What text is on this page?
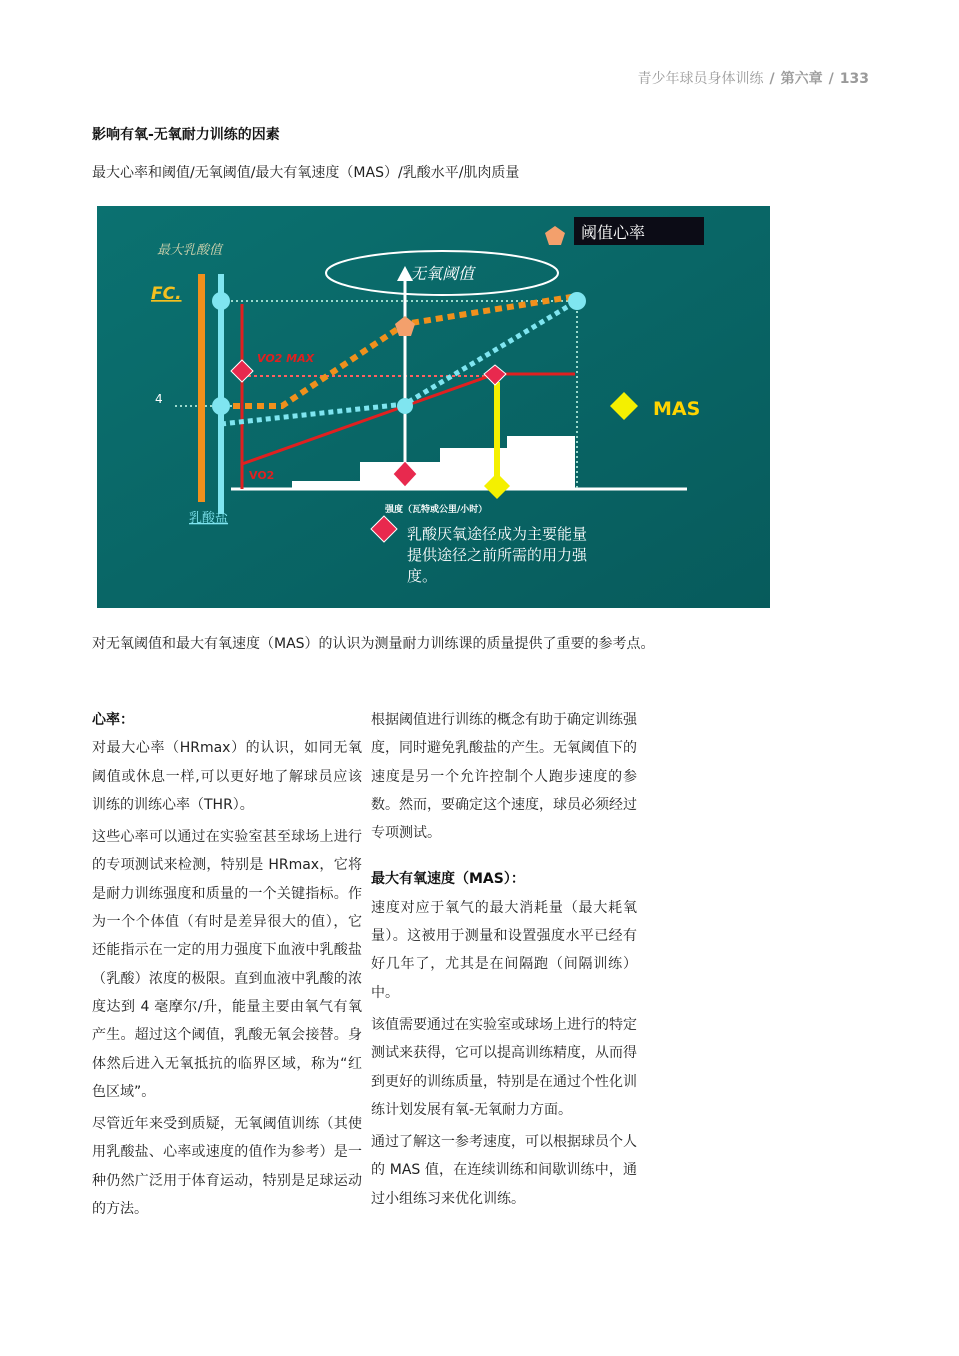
青少年球员身体训练 / 第六章 / 133
影响有氧-无氧耐力训练的因素
最大心率和阈值/无氧阈值/最大有氧速度（MAS）/乳酸水平/肌肉质量
无氧阈值
最大乳酸值
FC.
4
VO2 MAX
VO2
乳酸盐
强度（瓦特或公里/小时）
阈值心率
MAS
乳酸厌氧途径成为主要能量
提供途径之前所需的用力强
度。
对无氧阈值和最大有氧速度（MAS）的认识为测量耐力训练课的质量提供了重要的参考点。
心率：

对最大心率（HRmax）的认识，如同无氧阈值或休息一样,可以更好地了解球员应该训练的训练心率（THR）。

这些心率可以通过在实验室甚至球场上进行的专项测试来检测，特别是 HRmax，它将是耐力训练强度和质量的一个关键指标。作为一个个体值（有时是差异很大的值），它还能指示在一定的用力强度下血液中乳酸盐（乳酸）浓度的极限。直到血液中乳酸的浓度达到 4 毫摩尔/升，能量主要由氧气有氧产生。超过这个阈值，乳酸无氧会接替。身体然后进入无氧抵抗的临界区域，称为“红色区域”。

尽管近年来受到质疑，无氧阈值训练（其使用乳酸盐、心率或速度的值作为参考）是一种仍然广泛用于体育运动，特别是足球运动的方法。

根据阈值进行训练的概念有助于确定训练强度，同时避免乳酸盐的产生。无氧阈值下的速度是另一个允许控制个人跑步速度的参数。然而，要确定这个速度，球员必须经过专项测试。

最大有氧速度（MAS）：

速度对应于氧气的最大消耗量（最大耗氧量）。这被用于测量和设置强度水平已经有好几年了，尤其是在间隔跑（间隔训练）中。

该值需要通过在实验室或球场上进行的特定测试来获得，它可以提高训练精度，从而得到更好的训练质量，特别是在通过个性化训练计划发展有氧-无氧耐力方面。

通过了解这一参考速度，可以根据球员个人的 MAS 值，在连续训练和间歇训练中，通过小组练习来优化训练。
